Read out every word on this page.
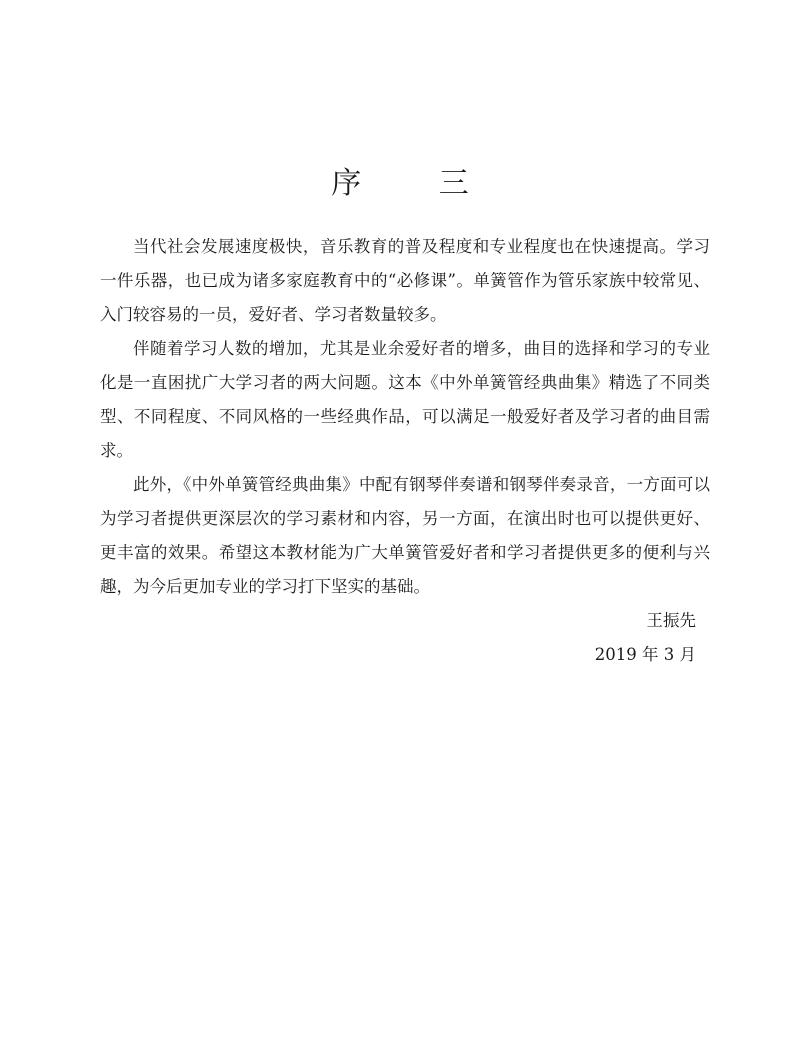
序 三

当代社会发展速度极快，音乐教育的普及程度和专业程度也在快速提高。学习一件乐器，也已成为诸多家庭教育中的“必修课”。单簧管作为管乐家族中较常见、入门较容易的一员，爱好者、学习者数量较多。

伴随着学习人数的增加，尤其是业余爱好者的增多，曲目的选择和学习的专业化是一直困扰广大学习者的两大问题。这本《中外单簧管经典曲集》精选了不同类型、不同程度、不同风格的一些经典作品，可以满足一般爱好者及学习者的曲目需求。

此外，《中外单簧管经典曲集》中配有钢琴伴奏谱和钢琴伴奏录音，一方面可以为学习者提供更深层次的学习素材和内容，另一方面，在演出时也可以提供更好、更丰富的效果。希望这本教材能为广大单簧管爱好者和学习者提供更多的便利与兴趣，为今后更加专业的学习打下坚实的基础。

王振先
2019 年 3 月
